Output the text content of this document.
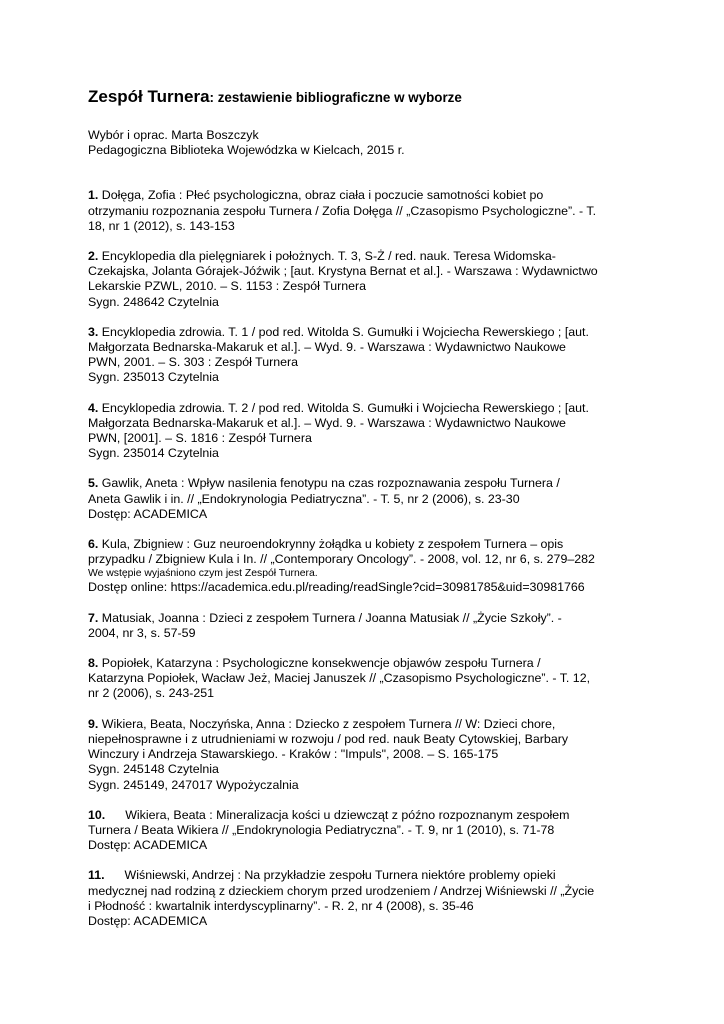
Zespół Turnera: zestawienie bibliograficzne w wyborze

Wybór i oprac. Marta Boszczyk

Pedagogiczna Biblioteka Wojewódzka w Kielcach, 2015 r.

1. Dołęga, Zofia : Płeć psychologiczna, obraz ciała i poczucie samotności kobiet po

otrzymaniu rozpoznania zespołu Turnera / Zofia Dołęga // „Czasopismo Psychologiczne”. - T.

18, nr 1 (2012), s. 143-153

2. Encyklopedia dla pielęgniarek i położnych. T. 3, S-Ż / red. nauk. Teresa Widomska-

Czekajska, Jolanta Górajek-Jóźwik ; [aut. Krystyna Bernat et al.]. - Warszawa : Wydawnictwo

Lekarskie PZWL, 2010. – S. 1153 : Zespół Turnera

Sygn. 248642 Czytelnia

3. Encyklopedia zdrowia. T. 1 / pod red. Witolda S. Gumułki i Wojciecha Rewerskiego ; [aut.

Małgorzata Bednarska-Makaruk et al.]. – Wyd. 9. - Warszawa : Wydawnictwo Naukowe

PWN, 2001. – S. 303 : Zespół Turnera

Sygn. 235013 Czytelnia

4. Encyklopedia zdrowia. T. 2 / pod red. Witolda S. Gumułki i Wojciecha Rewerskiego ; [aut.

Małgorzata Bednarska-Makaruk et al.]. – Wyd. 9. - Warszawa : Wydawnictwo Naukowe

PWN, [2001]. – S. 1816 : Zespół Turnera

Sygn. 235014 Czytelnia

5. Gawlik, Aneta : Wpływ nasilenia fenotypu na czas rozpoznawania zespołu Turnera /

Aneta Gawlik i in. // „Endokrynologia Pediatryczna”. - T. 5, nr 2 (2006), s. 23-30

Dostęp: ACADEMICA

6. Kula, Zbigniew : Guz neuroendokrynny żołądka u kobiety z zespołem Turnera – opis

przypadku / Zbigniew Kula i In. // „Contemporary Oncology”. - 2008, vol. 12, nr 6, s. 279–282

We wstępie wyjaśniono czym jest Zespół Turnera.

Dostęp online: https://academica.edu.pl/reading/readSingle?cid=30981785&uid=30981766

7. Matusiak, Joanna : Dzieci z zespołem Turnera / Joanna Matusiak // „Życie Szkoły”. -

2004, nr 3, s. 57-59

8. Popiołek, Katarzyna : Psychologiczne konsekwencje objawów zespołu Turnera /

Katarzyna Popiołek, Wacław Jeż, Maciej Januszek // „Czasopismo Psychologiczne”. - T. 12,

nr 2 (2006), s. 243-251

9. Wikiera, Beata, Noczyńska, Anna : Dziecko z zespołem Turnera // W: Dzieci chore,

niepełnosprawne i z utrudnieniami w rozwoju / pod red. nauk Beaty Cytowskiej, Barbary

Winczury i Andrzeja Stawarskiego. - Kraków : "Impuls", 2008. – S. 165-175

Sygn. 245148 Czytelnia

Sygn. 245149, 247017 Wypożyczalnia

10. Wikiera, Beata : Mineralizacja kości u dziewcząt z późno rozpoznanym zespołem

Turnera / Beata Wikiera // „Endokrynologia Pediatryczna”. - T. 9, nr 1 (2010), s. 71-78

Dostęp: ACADEMICA

11. Wiśniewski, Andrzej : Na przykładzie zespołu Turnera niektóre problemy opieki

medycznej nad rodziną z dzieckiem chorym przed urodzeniem / Andrzej Wiśniewski // „Życie

i Płodność : kwartalnik interdyscyplinarny”. - R. 2, nr 4 (2008), s. 35-46

Dostęp: ACADEMICA
